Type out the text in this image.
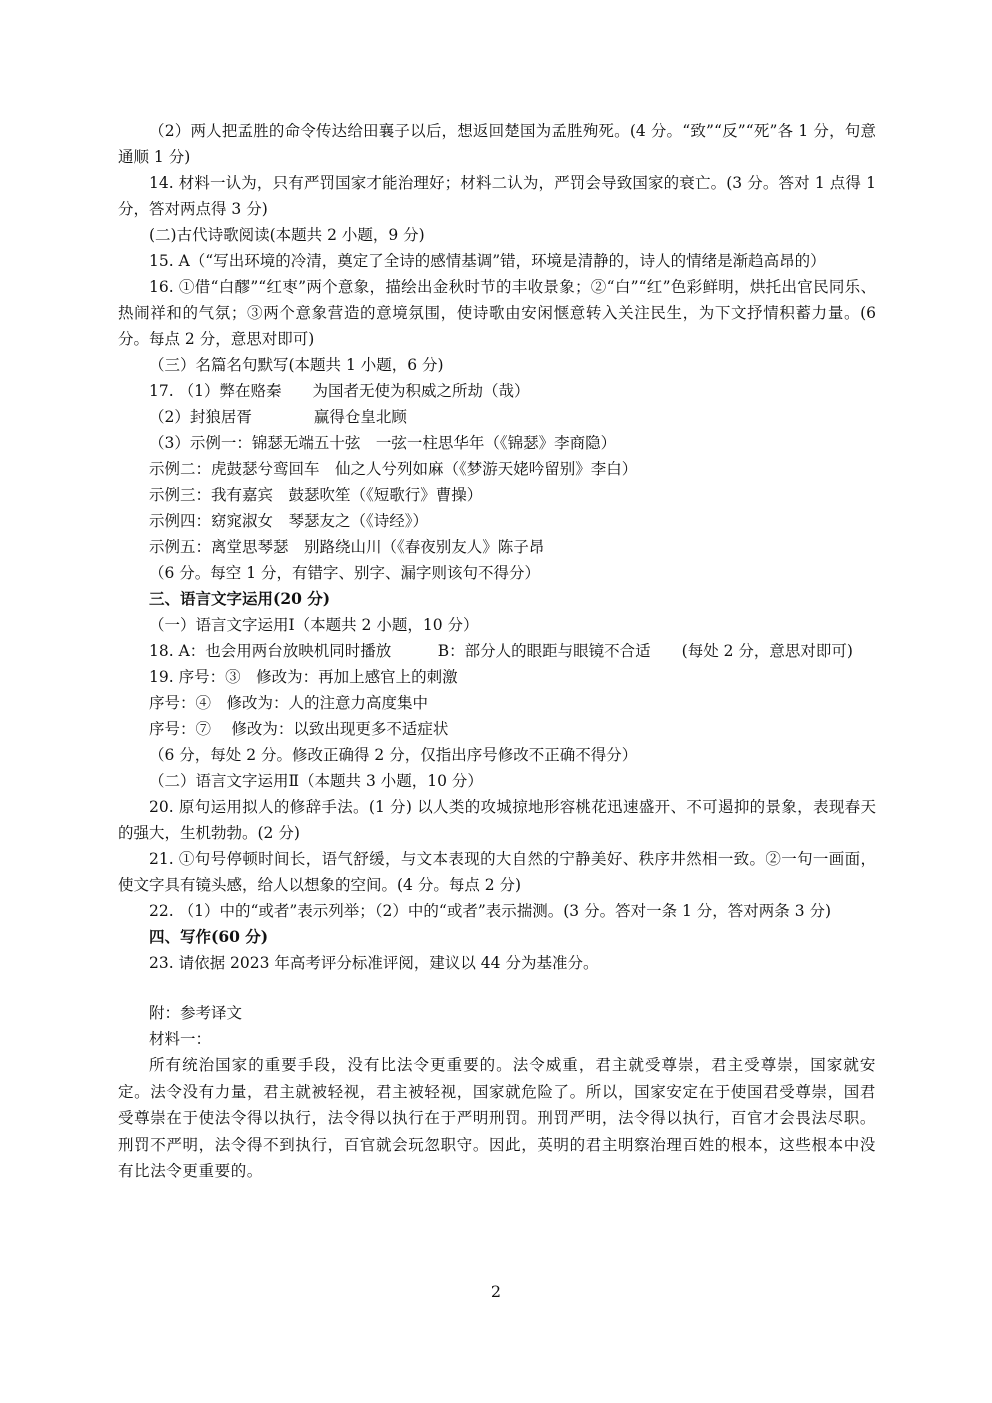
（2）两人把孟胜的命令传达给田襄子以后，想返回楚国为孟胜殉死。(4 分。“致”“反”“死”各 1 分，句意通顺 1 分)

14. 材料一认为，只有严罚国家才能治理好；材料二认为，严罚会导致国家的衰亡。(3 分。答对 1 点得 1 分，答对两点得 3 分)

(二)古代诗歌阅读(本题共 2 小题，9 分)

15. A（“写出环境的冷清，奠定了全诗的感情基调”错，环境是清静的，诗人的情绪是渐趋高昂的）

16. ①借“白醪”“红枣”两个意象，描绘出金秋时节的丰收景象；②“白”“红”色彩鲜明，烘托出官民同乐、热闹祥和的气氛；③两个意象营造的意境氛围，使诗歌由安闲惬意转入关注民生，为下文抒情积蓄力量。(6 分。每点 2 分，意思对即可)

（三）名篇名句默写(本题共 1 小题，6 分)

17. （1）弊在赂秦　　为国者无使为积威之所劫（哉）

（2）封狼居胥　　　　赢得仓皇北顾

（3）示例一：锦瑟无端五十弦　一弦一柱思华年（《锦瑟》李商隐）

示例二：虎鼓瑟兮鸾回车　仙之人兮列如麻（《梦游天姥吟留别》李白）

示例三：我有嘉宾　鼓瑟吹笙（《短歌行》曹操）

示例四：窈窕淑女　琴瑟友之（《诗经》）

示例五：离堂思琴瑟　别路绕山川（《春夜别友人》陈子昂

（6 分。每空 1 分，有错字、别字、漏字则该句不得分）

三、语言文字运用(20 分)

（一）语言文字运用Ⅰ（本题共 2 小题，10 分）

18. A：也会用两台放映机同时播放　　　B：部分人的眼距与眼镜不合适　　(每处 2 分，意思对即可)

19. 序号：③　修改为：再加上感官上的刺激

序号：④　修改为：人的注意力高度集中

序号：⑦　 修改为：以致出现更多不适症状

（6 分，每处 2 分。修改正确得 2 分，仅指出序号修改不正确不得分）

（二）语言文字运用Ⅱ（本题共 3 小题，10 分）

20. 原句运用拟人的修辞手法。(1 分) 以人类的攻城掠地形容桃花迅速盛开、不可遏抑的景象，表现春天的强大，生机勃勃。(2 分)

21. ①句号停顿时间长，语气舒缓，与文本表现的大自然的宁静美好、秩序井然相一致。②一句一画面，使文字具有镜头感，给人以想象的空间。(4 分。每点 2 分)

22. （1）中的“或者”表示列举；（2）中的“或者”表示揣测。(3 分。答对一条 1 分，答对两条 3 分)

四、写作(60 分)

23. 请依据 2023 年高考评分标准评阅，建议以 44 分为基准分。

附：参考译文

材料一：

所有统治国家的重要手段，没有比法令更重要的。法令威重，君主就受尊崇，君主受尊崇，国家就安定。法令没有力量，君主就被轻视，君主被轻视，国家就危险了。所以，国家安定在于使国君受尊崇，国君受尊崇在于使法令得以执行，法令得以执行在于严明刑罚。刑罚严明，法令得以执行，百官才会畏法尽职。刑罚不严明，法令得不到执行，百官就会玩忽职守。因此，英明的君主明察治理百姓的根本，这些根本中没有比法令更重要的。

2
